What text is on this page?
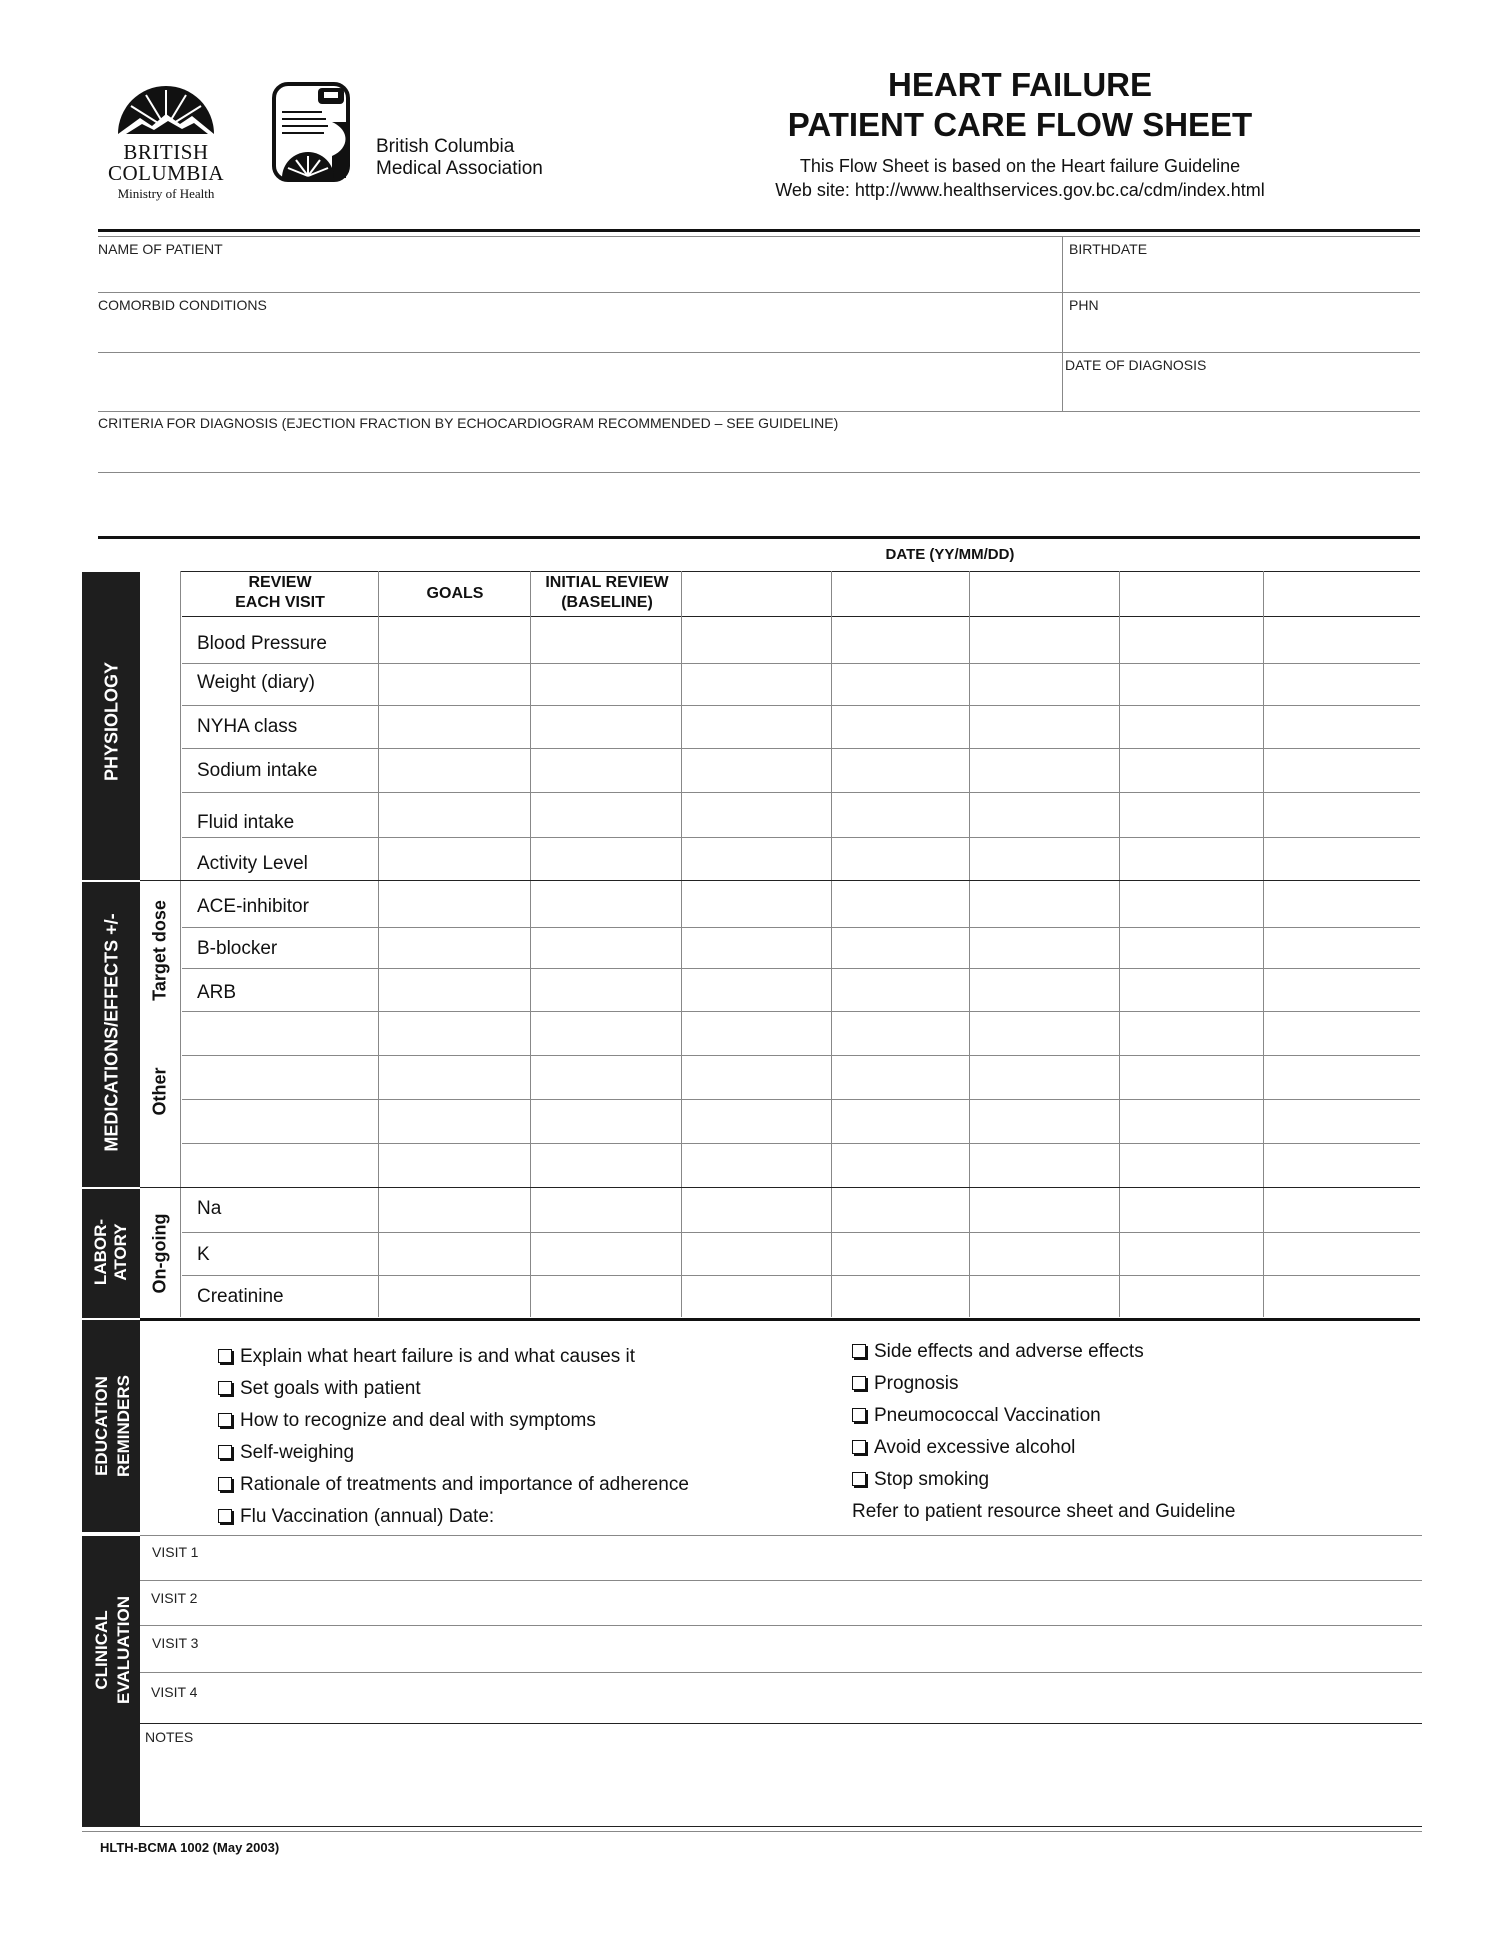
BRITISH
COLUMBIA
Ministry of Health
British Columbia
Medical Association
HEART FAILURE
PATIENT CARE FLOW SHEET
This Flow Sheet is based on the Heart failure Guideline
Web site: http://www.healthservices.gov.bc.ca/cdm/index.html
NAME OF PATIENT	BIRTHDATE
COMORBID CONDITIONS	PHN
DATE OF DIAGNOSIS
CRITERIA FOR DIAGNOSIS (EJECTION FRACTION BY ECHOCARDIOGRAM RECOMMENDED – SEE GUIDELINE)
DATE (YY/MM/DD)
REVIEW
EACH VISIT
GOALS
INITIAL REVIEW
(BASELINE)
Blood Pressure
Weight (diary)
NYHA class
Sodium intake
Fluid intake
Activity Level
ACE-inhibitor
B-blocker
ARB
Na
K
Creatinine
PHYSIOLOGY
MEDICATIONS/EFFECTS +/-
LABOR- ATORY
Target dose
Other
On-going
EDUCATION REMINDERS
Explain what heart failure is and what causes it
Set goals with patient
How to recognize and deal with symptoms
Self-weighing
Rationale of treatments and importance of adherence
Flu Vaccination (annual) Date:
Side effects and adverse effects
Prognosis
Pneumococcal Vaccination
Avoid excessive alcohol
Stop smoking
Refer to patient resource sheet and Guideline
CLINICAL EVALUATION
VISIT 1
VISIT 2
VISIT 3
VISIT 4
NOTES
HLTH-BCMA 1002 (May 2003)
